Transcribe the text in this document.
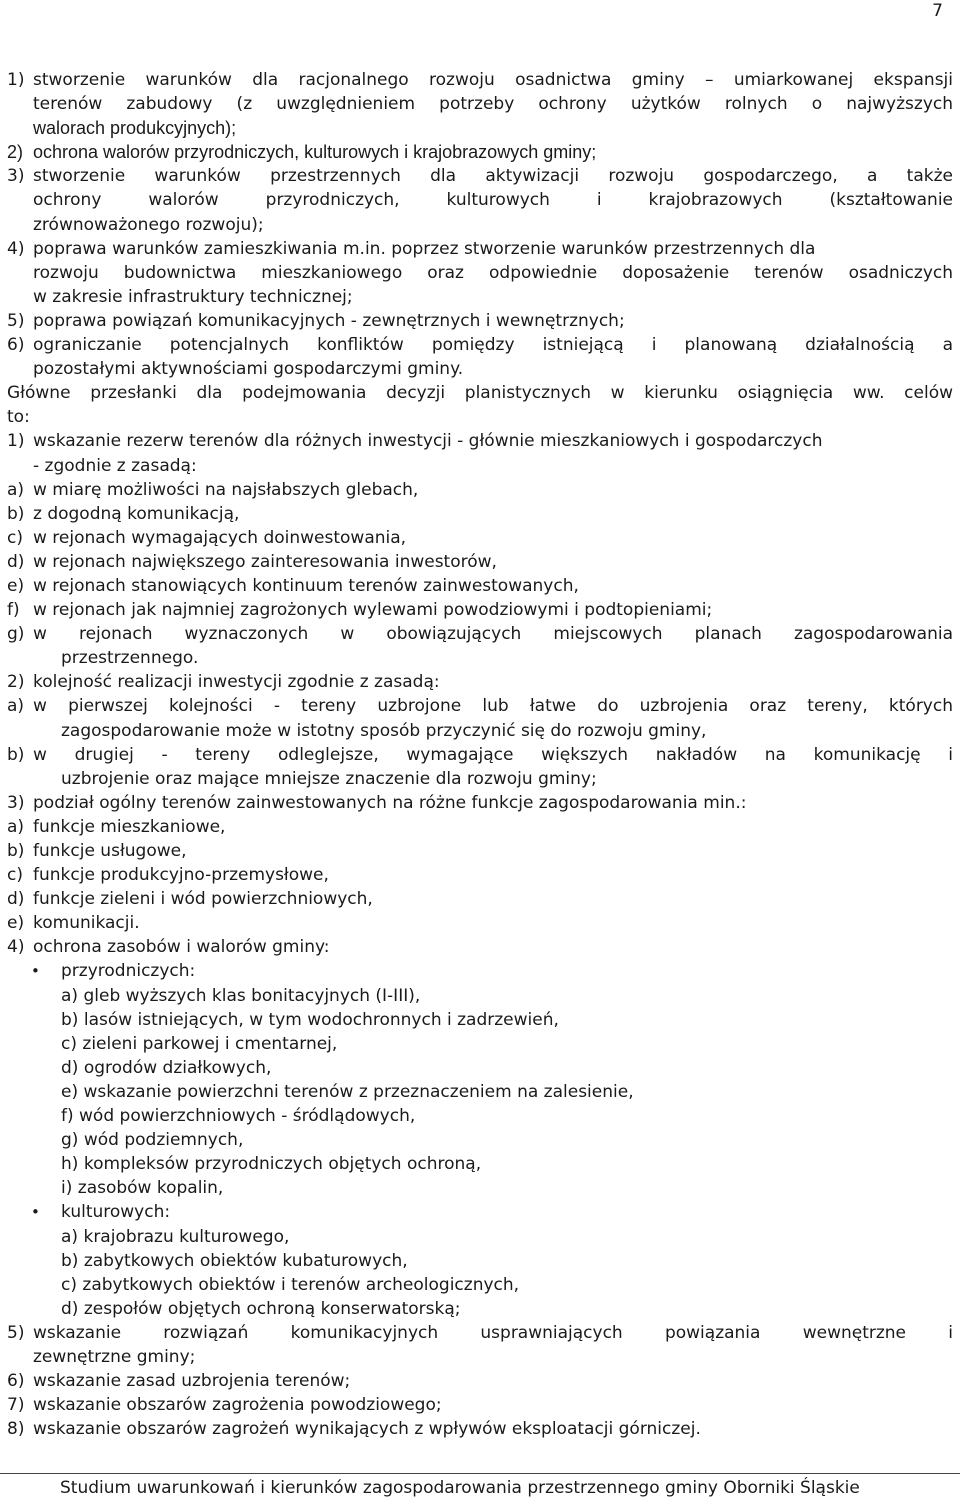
7
1) stworzenie warunków dla racjonalnego rozwoju osadnictwa gminy – umiarkowanej ekspansji
terenów zabudowy (z uwzględnieniem potrzeby ochrony użytków rolnych o najwyższych
walorach produkcyjnych);
2) ochrona walorów przyrodniczych, kulturowych i krajobrazowych gminy;
3) stworzenie warunków przestrzennych dla aktywizacji rozwoju gospodarczego, a także
ochrony walorów przyrodniczych, kulturowych i krajobrazowych (kształtowanie
zrównoważonego rozwoju);
4) poprawa warunków zamieszkiwania m.in. poprzez stworzenie warunków przestrzennych dla
rozwoju budownictwa mieszkaniowego oraz odpowiednie doposażenie terenów osadniczych
w zakresie infrastruktury technicznej;
5) poprawa powiązań komunikacyjnych - zewnętrznych i wewnętrznych;
6) ograniczanie potencjalnych konfliktów pomiędzy istniejącą i planowaną działalnością a
pozostałymi aktywnościami gospodarczymi gminy.
Główne przesłanki dla podejmowania decyzji planistycznych w kierunku osiągnięcia ww. celów
to:
1) wskazanie rezerw terenów dla różnych inwestycji - głównie mieszkaniowych i gospodarczych
- zgodnie z zasadą:
a) w miarę możliwości na najsłabszych glebach,
b) z dogodną komunikacją,
c) w rejonach wymagających doinwestowania,
d) w rejonach największego zainteresowania inwestorów,
e) w rejonach stanowiących kontinuum terenów zainwestowanych,
f) w rejonach jak najmniej zagrożonych wylewami powodziowymi i podtopieniami;
g) w rejonach wyznaczonych w obowiązujących miejscowych planach zagospodarowania
przestrzennego.
2) kolejność realizacji inwestycji zgodnie z zasadą:
a) w pierwszej kolejności - tereny uzbrojone lub łatwe do uzbrojenia oraz tereny, których
zagospodarowanie może w istotny sposób przyczynić się do rozwoju gminy,
b) w drugiej - tereny odleglejsze, wymagające większych nakładów na komunikację i
uzbrojenie oraz mające mniejsze znaczenie dla rozwoju gminy;
3) podział ogólny terenów zainwestowanych na różne funkcje zagospodarowania min.:
a) funkcje mieszkaniowe,
b) funkcje usługowe,
c) funkcje produkcyjno-przemysłowe,
d) funkcje zieleni i wód powierzchniowych,
e) komunikacji.
4) ochrona zasobów i walorów gminy:
• przyrodniczych:
a) gleb wyższych klas bonitacyjnych (I-III),
b) lasów istniejących, w tym wodochronnych i zadrzewień,
c) zieleni parkowej i cmentarnej,
d) ogrodów działkowych,
e) wskazanie powierzchni terenów z przeznaczeniem na zalesienie,
f) wód powierzchniowych - śródlądowych,
g) wód podziemnych,
h) kompleksów przyrodniczych objętych ochroną,
i) zasobów kopalin,
• kulturowych:
a) krajobrazu kulturowego,
b) zabytkowych obiektów kubaturowych,
c) zabytkowych obiektów i terenów archeologicznych,
d) zespołów objętych ochroną konserwatorską;
5) wskazanie rozwiązań komunikacyjnych usprawniających powiązania wewnętrzne i
zewnętrzne gminy;
6) wskazanie zasad uzbrojenia terenów;
7) wskazanie obszarów zagrożenia powodziowego;
8) wskazanie obszarów zagrożeń wynikających z wpływów eksploatacji górniczej.
Studium uwarunkowań i kierunków zagospodarowania przestrzennego gminy Oborniki Śląskie
